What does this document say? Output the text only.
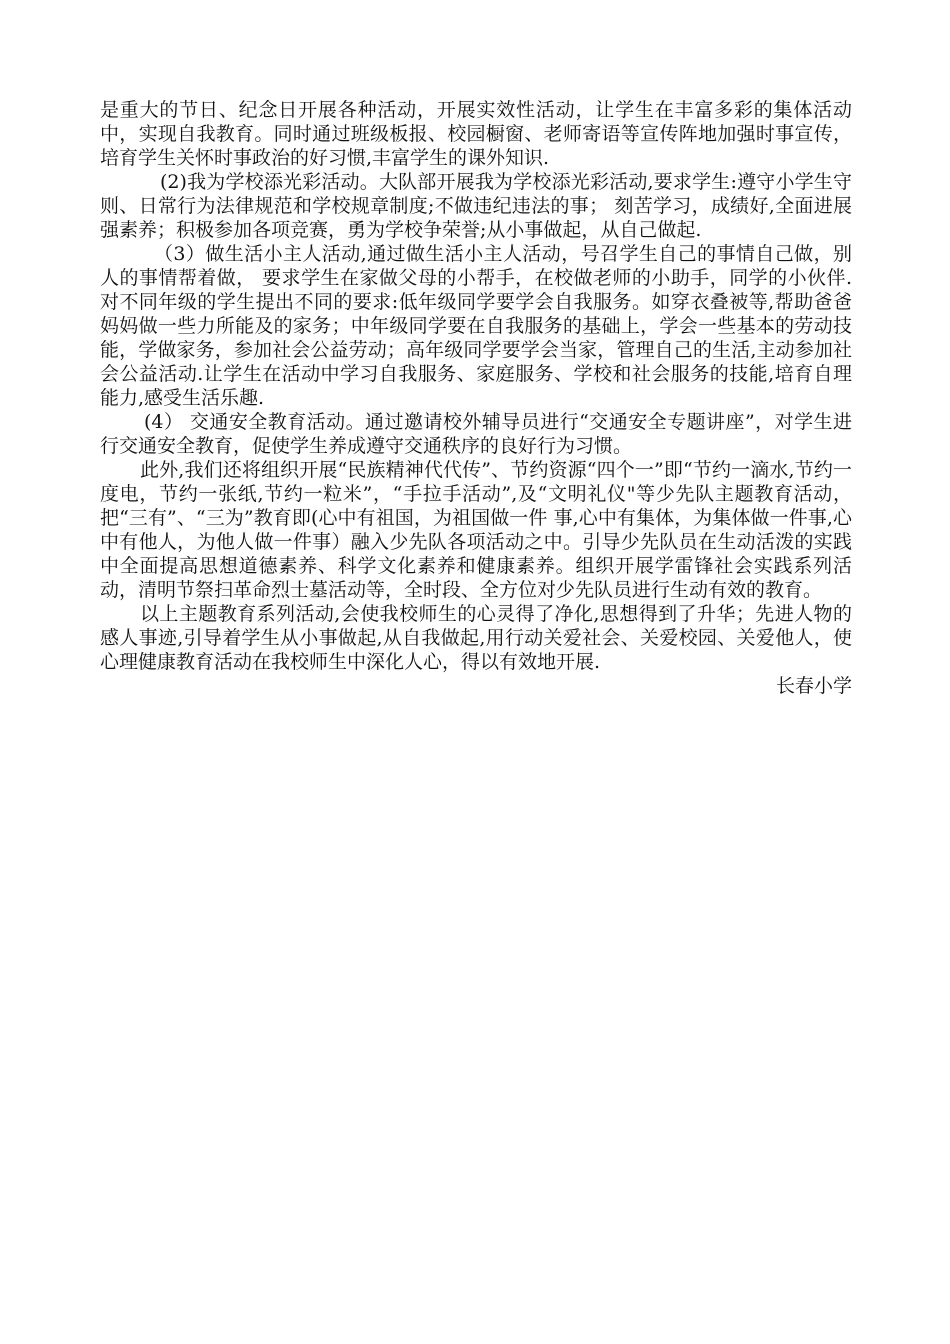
是重大的节日、纪念日开展各种活动，开展实效性活动，让学生在丰富多彩的集体活动中，实现自我教育。同时通过班级板报、校园橱窗、老师寄语等宣传阵地加强时事宣传，培育学生关怀时事政治的好习惯,丰富学生的课外知识.

(2)我为学校添光彩活动。大队部开展我为学校添光彩活动,要求学生:遵守小学生守则、日常行为法律规范和学校规章制度;不做违纪违法的事； 刻苦学习，成绩好,全面进展强素养；积极参加各项竞赛，勇为学校争荣誉;从小事做起，从自己做起.

（3）做生活小主人活动,通过做生活小主人活动，号召学生自己的事情自己做，别人的事情帮着做， 要求学生在家做父母的小帮手，在校做老师的小助手，同学的小伙伴.对不同年级的学生提出不同的要求:低年级同学要学会自我服务。如穿衣叠被等,帮助爸爸妈妈做一些力所能及的家务；中年级同学要在自我服务的基础上，学会一些基本的劳动技能，学做家务，参加社会公益劳动；高年级同学要学会当家，管理自己的生活,主动参加社会公益活动.让学生在活动中学习自我服务、家庭服务、学校和社会服务的技能,培育自理能力,感受生活乐趣.

(4） 交通安全教育活动。通过邀请校外辅导员进行“交通安全专题讲座”，对学生进行交通安全教育，促使学生养成遵守交通秩序的良好行为习惯。

此外,我们还将组织开展“民族精神代代传”、节约资源“四个一”即“节约一滴水,节约一度电，节约一张纸,节约一粒米”，“手拉手活动”,及“文明礼仪"等少先队主题教育活动，把“三有”、“三为”教育即(心中有祖国，为祖国做一件 事,心中有集体，为集体做一件事,心中有他人，为他人做一件事）融入少先队各项活动之中。引导少先队员在生动活泼的实践中全面提高思想道德素养、科学文化素养和健康素养。组织开展学雷锋社会实践系列活动，清明节祭扫革命烈士墓活动等，全时段、全方位对少先队员进行生动有效的教育。

以上主题教育系列活动,会使我校师生的心灵得了净化,思想得到了升华；先进人物的感人事迹,引导着学生从小事做起,从自我做起,用行动关爱社会、关爱校园、关爱他人，使心理健康教育活动在我校师生中深化人心，得以有效地开展.

长春小学
